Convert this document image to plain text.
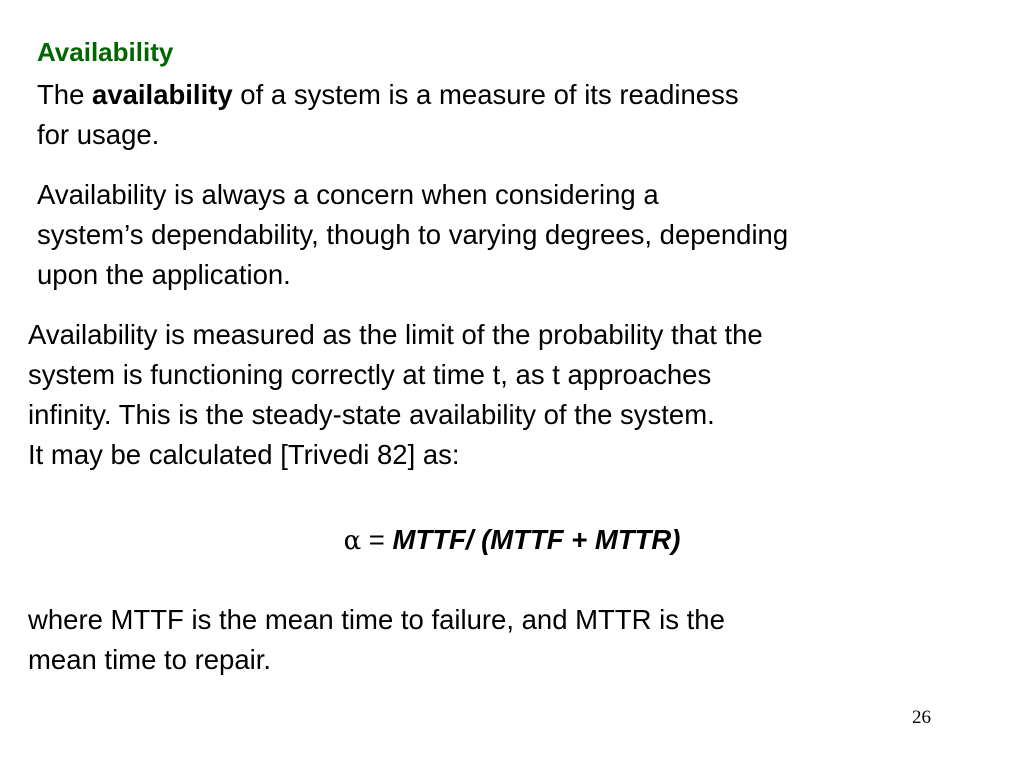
Availability

The availability of a system is a measure of its readiness
for usage.

Availability is always a concern when considering a
system’s dependability, though to varying degrees, depending
upon the application.

Availability is measured as the limit of the probability that the
system is functioning correctly at time t, as t approaches
infinity. This is the steady-state availability of the system.
It may be calculated [Trivedi 82] as:

α = MTTF/ (MTTF + MTTR)

where MTTF is the mean time to failure, and MTTR is the
mean time to repair.

26
